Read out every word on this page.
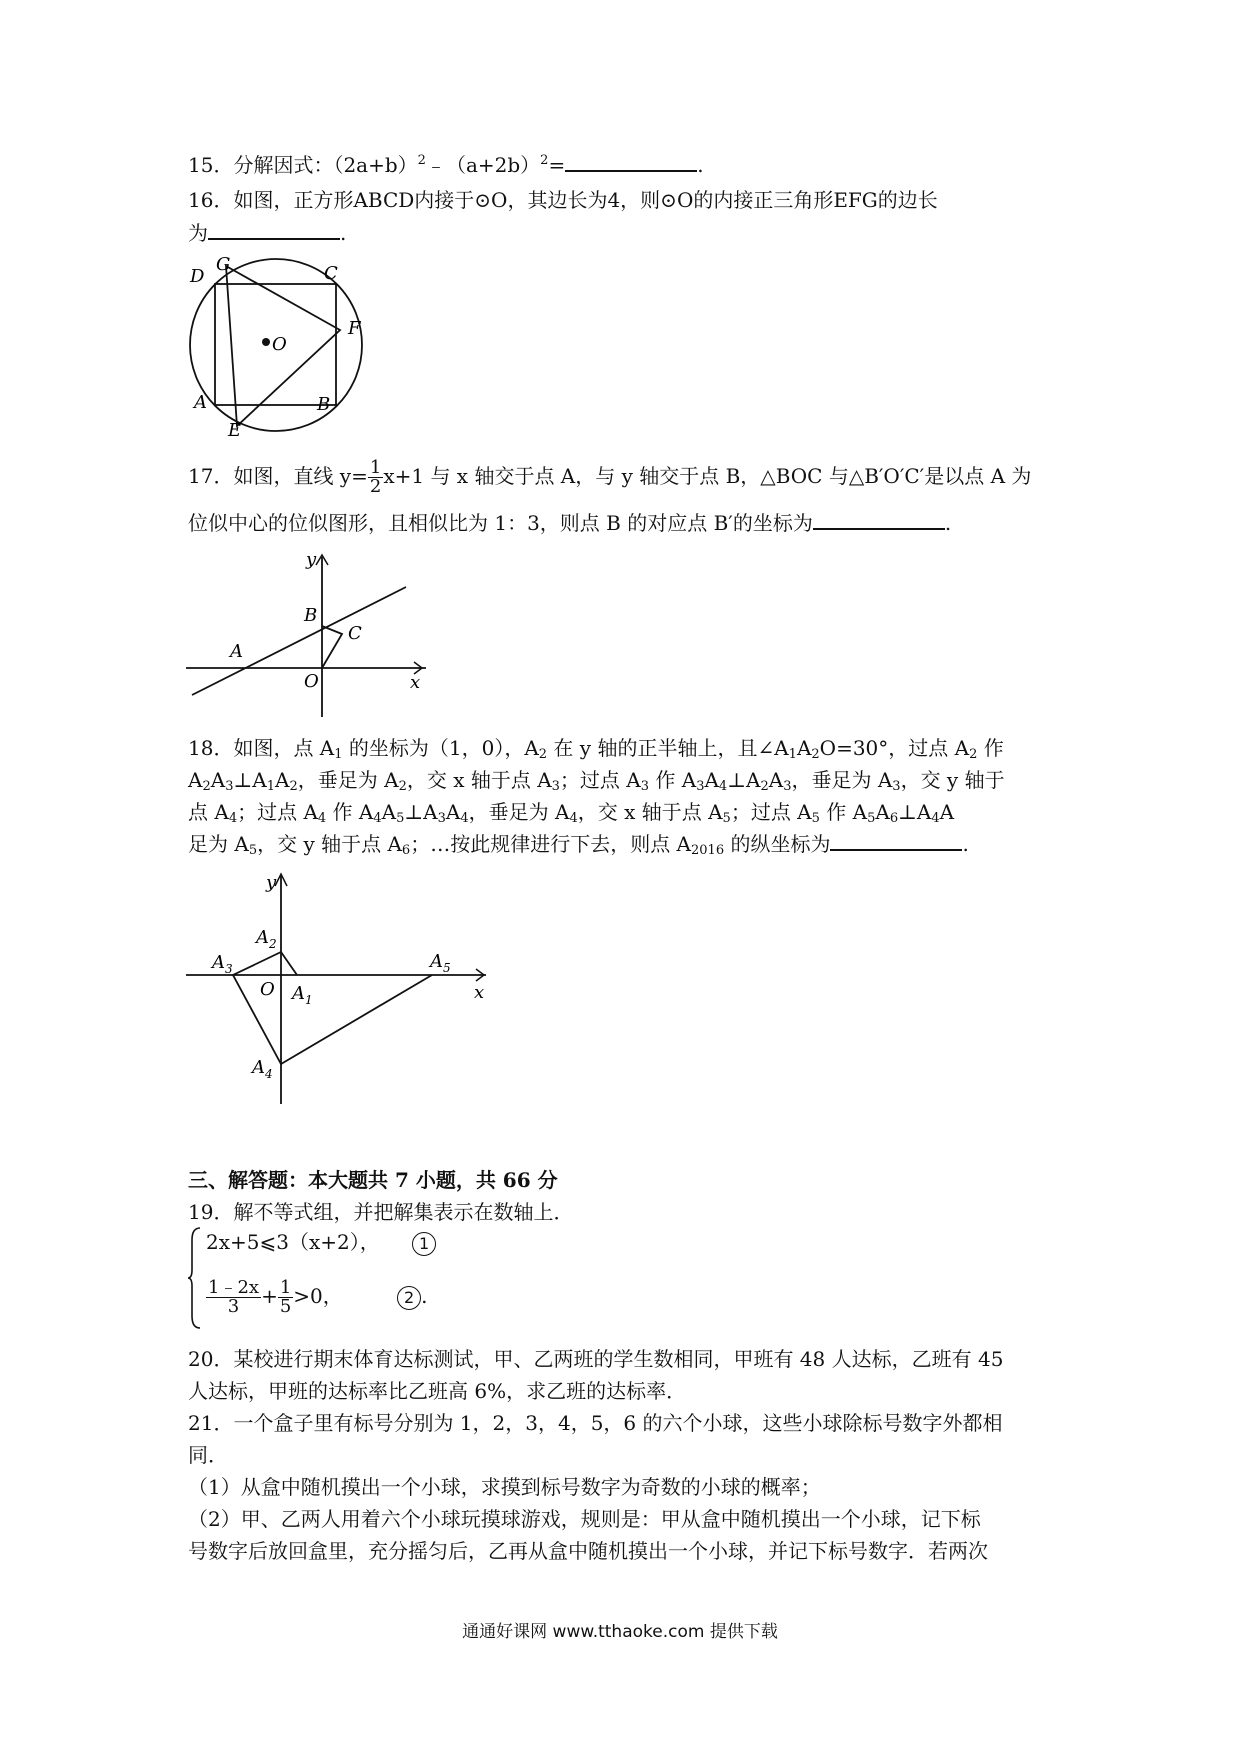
15．分解因式：$(2a+b)^2﹣(a+2b)^2=$	.
16．如图，正方形ABCD内接于⊙O，其边长为4，则⊙O的内接正三角形EFG的边长
为	.
D
G	C
F
O
A
E
B
17．如图，直线 $y= \frac{1}{2} x+1$ 与 x 轴交于点 A，与 y 轴交于点 B，△BOC 与△B′O′C′是以点 A 为
位似中心的位似图形，且相似比为 1：3，则点 B 的对应点 B′的坐标为	.
y
B
C
A
O	x
18．如图，点 $A_1$ 的坐标为（1，0），$A_2$ 在 y 轴的正半轴上，且$\angle A_1A_2O=30^\circ$，过点 $A_2$ 作
$A_2A_3\perp A_1A_2$，垂足为 $A_2$，交 x 轴于点 $A_3$；过点 $A_3$ 作 $A_3A_4\perp A_2A_3$，垂足为 $A_3$，交 y 轴于
点 $A_4$；过点 $A_4$ 作 $A_4A_5\perp A_3A_4$，垂足为 $A_4$，交 x 轴于点 $A_5$；过点 $A_5$ 作 $A_5A_6\perp A_4A$
足为 $A_5$，交 y 轴于点 $A_6$；…按此规律进行下去，则点 $A_{2016}$ 的纵坐标为	.
y
$A_2$
$A_3$
O $A_1$
$A_5$
x
$A_4$
三、解答题：本大题共 7 小题，共 66 分
19．解不等式组，并把解集表示在数轴上．
2x+5⩽3（x+2）， 1
$\frac{1﹣2x}{3} + \frac{1}{5} >0$，	2 .
20．某校进行期末体育达标测试，甲、乙两班的学生数相同，甲班有 48 人达标，乙班有 45
人达标，甲班的达标率比乙班高 6%，求乙班的达标率．
21．一个盒子里有标号分别为 1，2，3，4，5，6 的六个小球，这些小球除标号数字外都相
同．
（1）从盒中随机摸出一个小球，求摸到标号数字为奇数的小球的概率；
（2）甲、乙两人用着六个小球玩摸球游戏，规则是：甲从盒中随机摸出一个小球，记下标
号数字后放回盒里，充分摇匀后，乙再从盒中随机摸出一个小球，并记下标号数字．若两次
通通好课网 www.tthaoke.com 提供下载
